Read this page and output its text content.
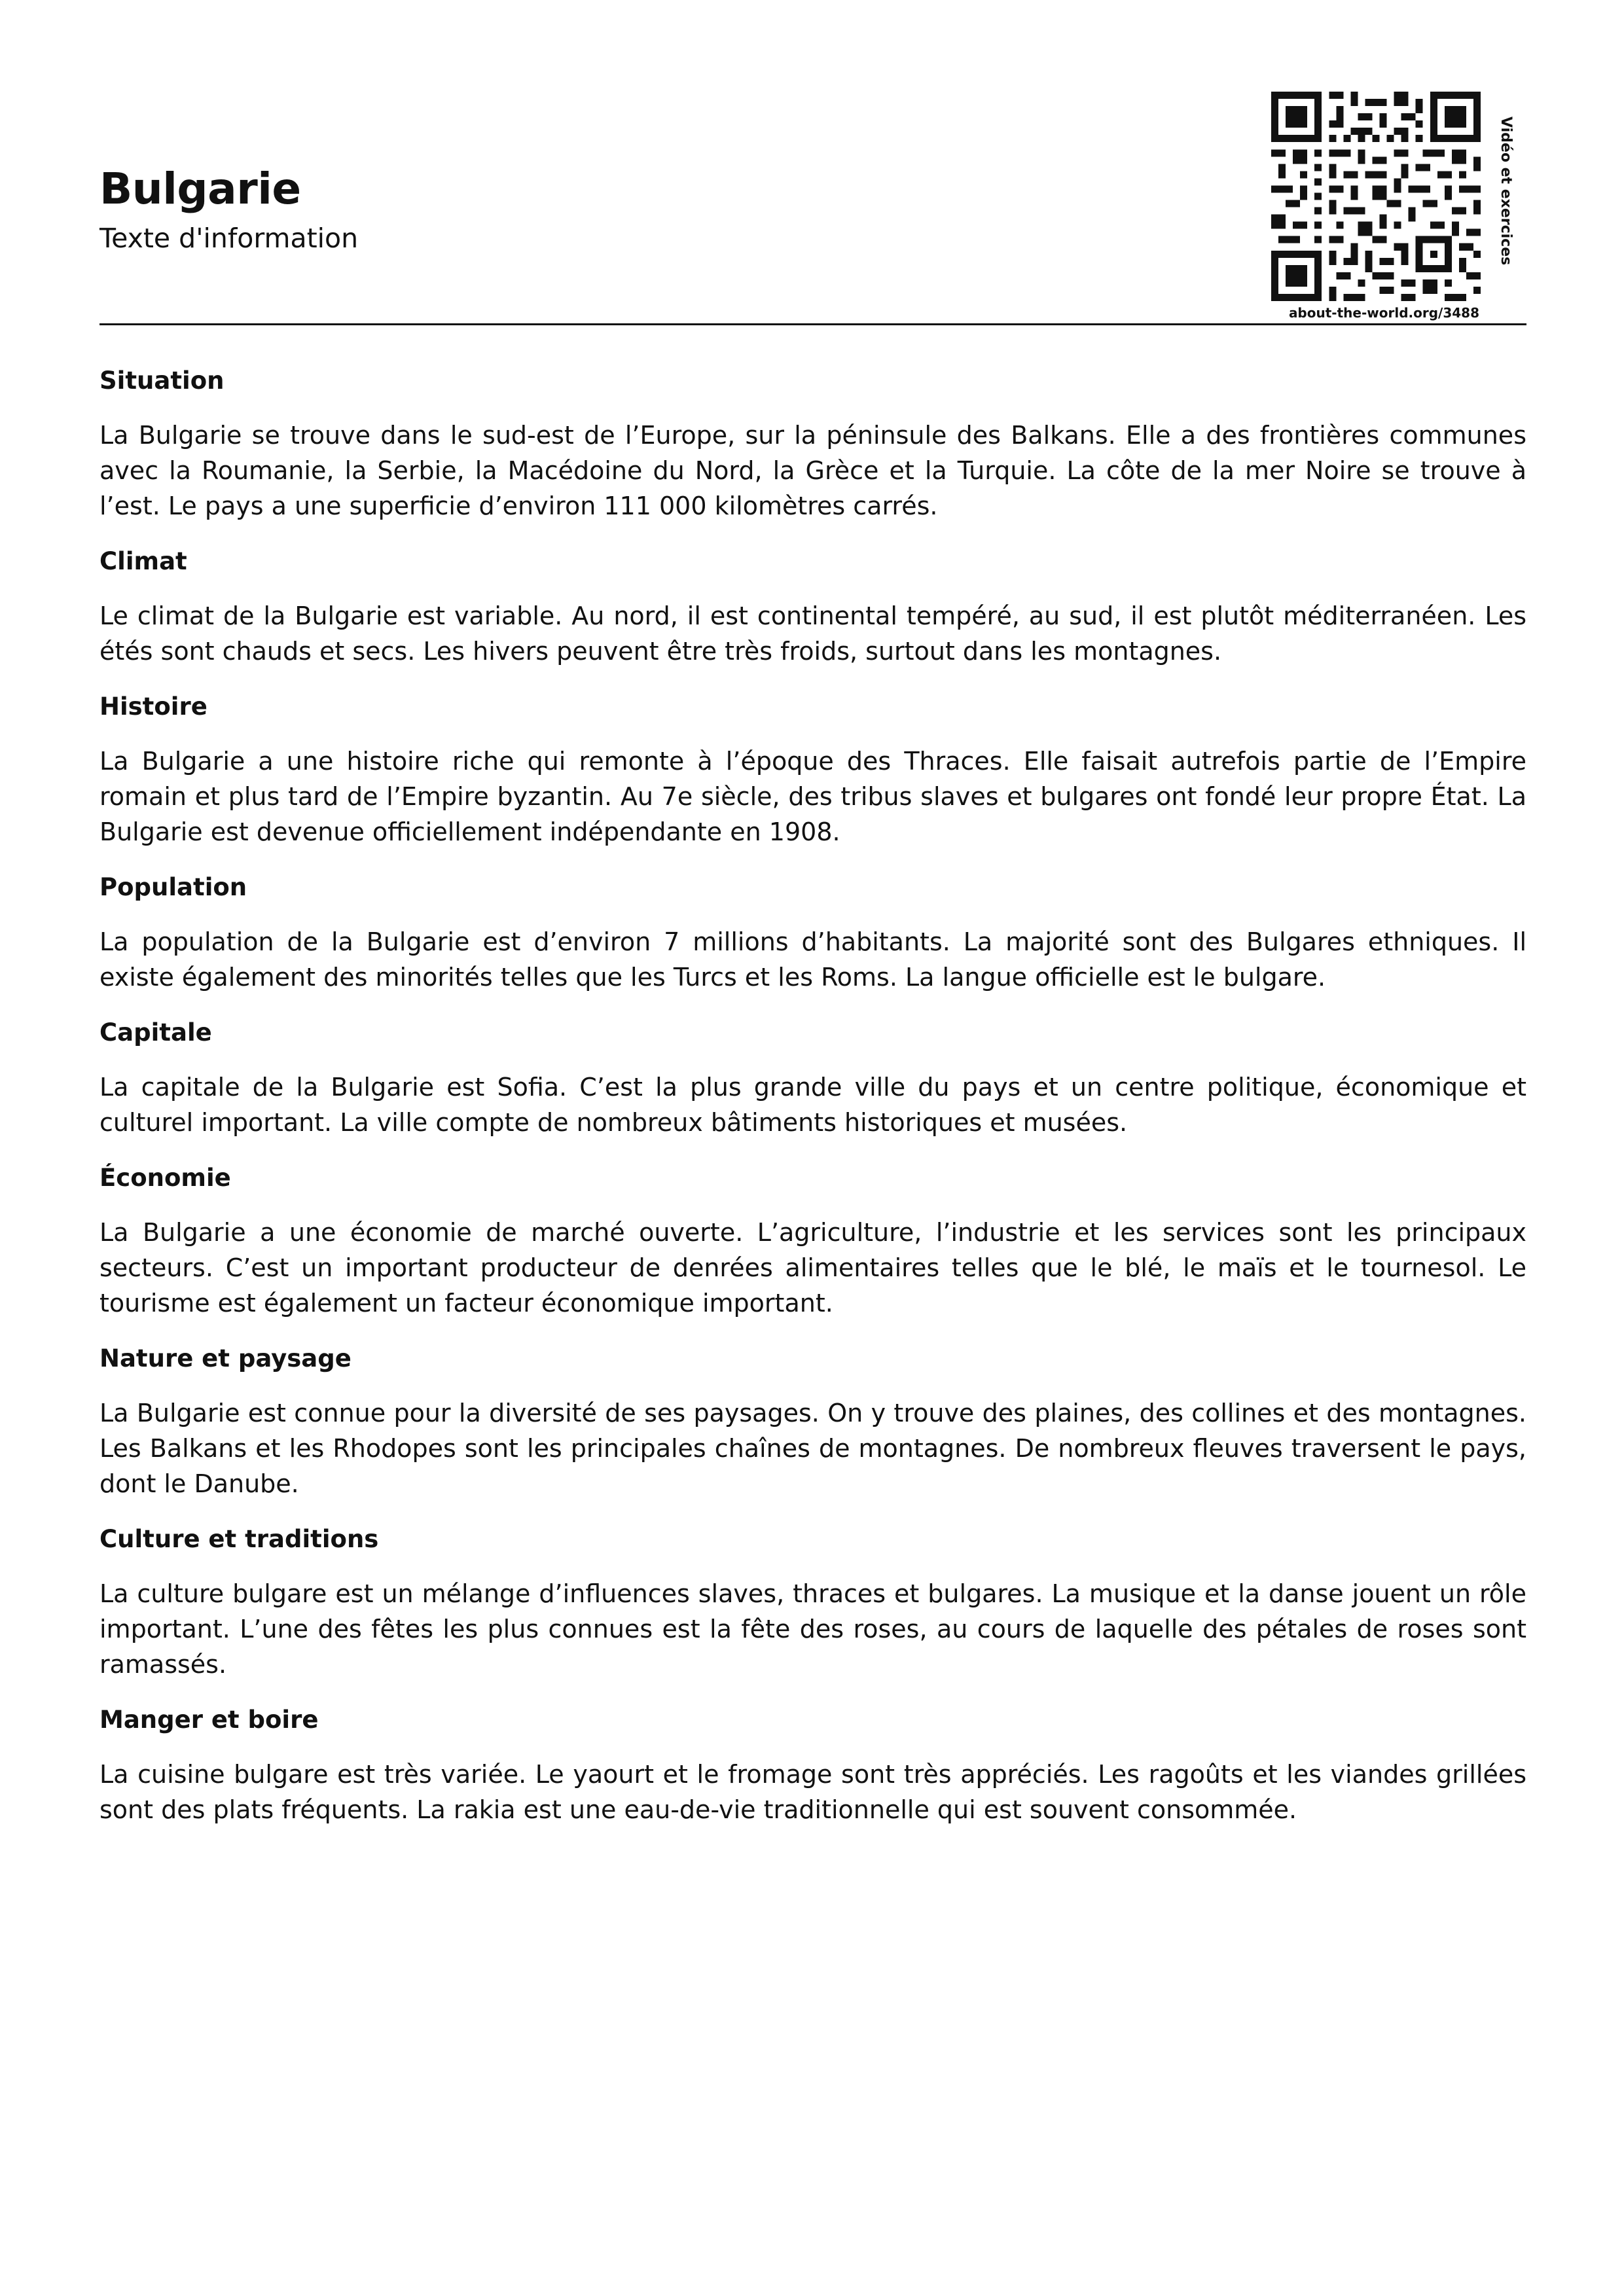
Bulgarie
Texte d'information
about-the-world.org/3488
Vidéo et exercices
Situation

La Bulgarie se trouve dans le sud-est de l’Europe, sur la péninsule des Balkans. Elle a des frontières communes avec la Roumanie, la Serbie, la Macédoine du Nord, la Grèce et la Turquie. La côte de la mer Noire se trouve à l’est. Le pays a une superficie d’environ 111 000 kilomètres carrés.

Climat

Le climat de la Bulgarie est variable. Au nord, il est continental tempéré, au sud, il est plutôt méditerranéen. Les étés sont chauds et secs. Les hivers peuvent être très froids, surtout dans les montagnes.

Histoire

La Bulgarie a une histoire riche qui remonte à l’époque des Thraces. Elle faisait autrefois partie de l’Empire romain et plus tard de l’Empire byzantin. Au 7e siècle, des tribus slaves et bulgares ont fondé leur propre État. La Bulgarie est devenue officiellement indépendante en 1908.

Population

La population de la Bulgarie est d’environ 7 millions d’habitants. La majorité sont des Bulgares ethniques. Il existe également des minorités telles que les Turcs et les Roms. La langue officielle est le bulgare.

Capitale

La capitale de la Bulgarie est Sofia. C’est la plus grande ville du pays et un centre politique, économique et culturel important. La ville compte de nombreux bâtiments historiques et musées.

Économie

La Bulgarie a une économie de marché ouverte. L’agriculture, l’industrie et les services sont les principaux secteurs. C’est un important producteur de denrées alimentaires telles que le blé, le maïs et le tournesol. Le tourisme est également un facteur économique important.

Nature et paysage

La Bulgarie est connue pour la diversité de ses paysages. On y trouve des plaines, des collines et des montagnes. Les Balkans et les Rhodopes sont les principales chaînes de montagnes. De nombreux fleuves traversent le pays, dont le Danube.

Culture et traditions

La culture bulgare est un mélange d’influences slaves, thraces et bulgares. La musique et la danse jouent un rôle important. L’une des fêtes les plus connues est la fête des roses, au cours de laquelle des pétales de roses sont ramassés.

Manger et boire

La cuisine bulgare est très variée. Le yaourt et le fromage sont très appréciés. Les ragoûts et les viandes grillées sont des plats fréquents. La rakia est une eau-de-vie traditionnelle qui est souvent consommée.
